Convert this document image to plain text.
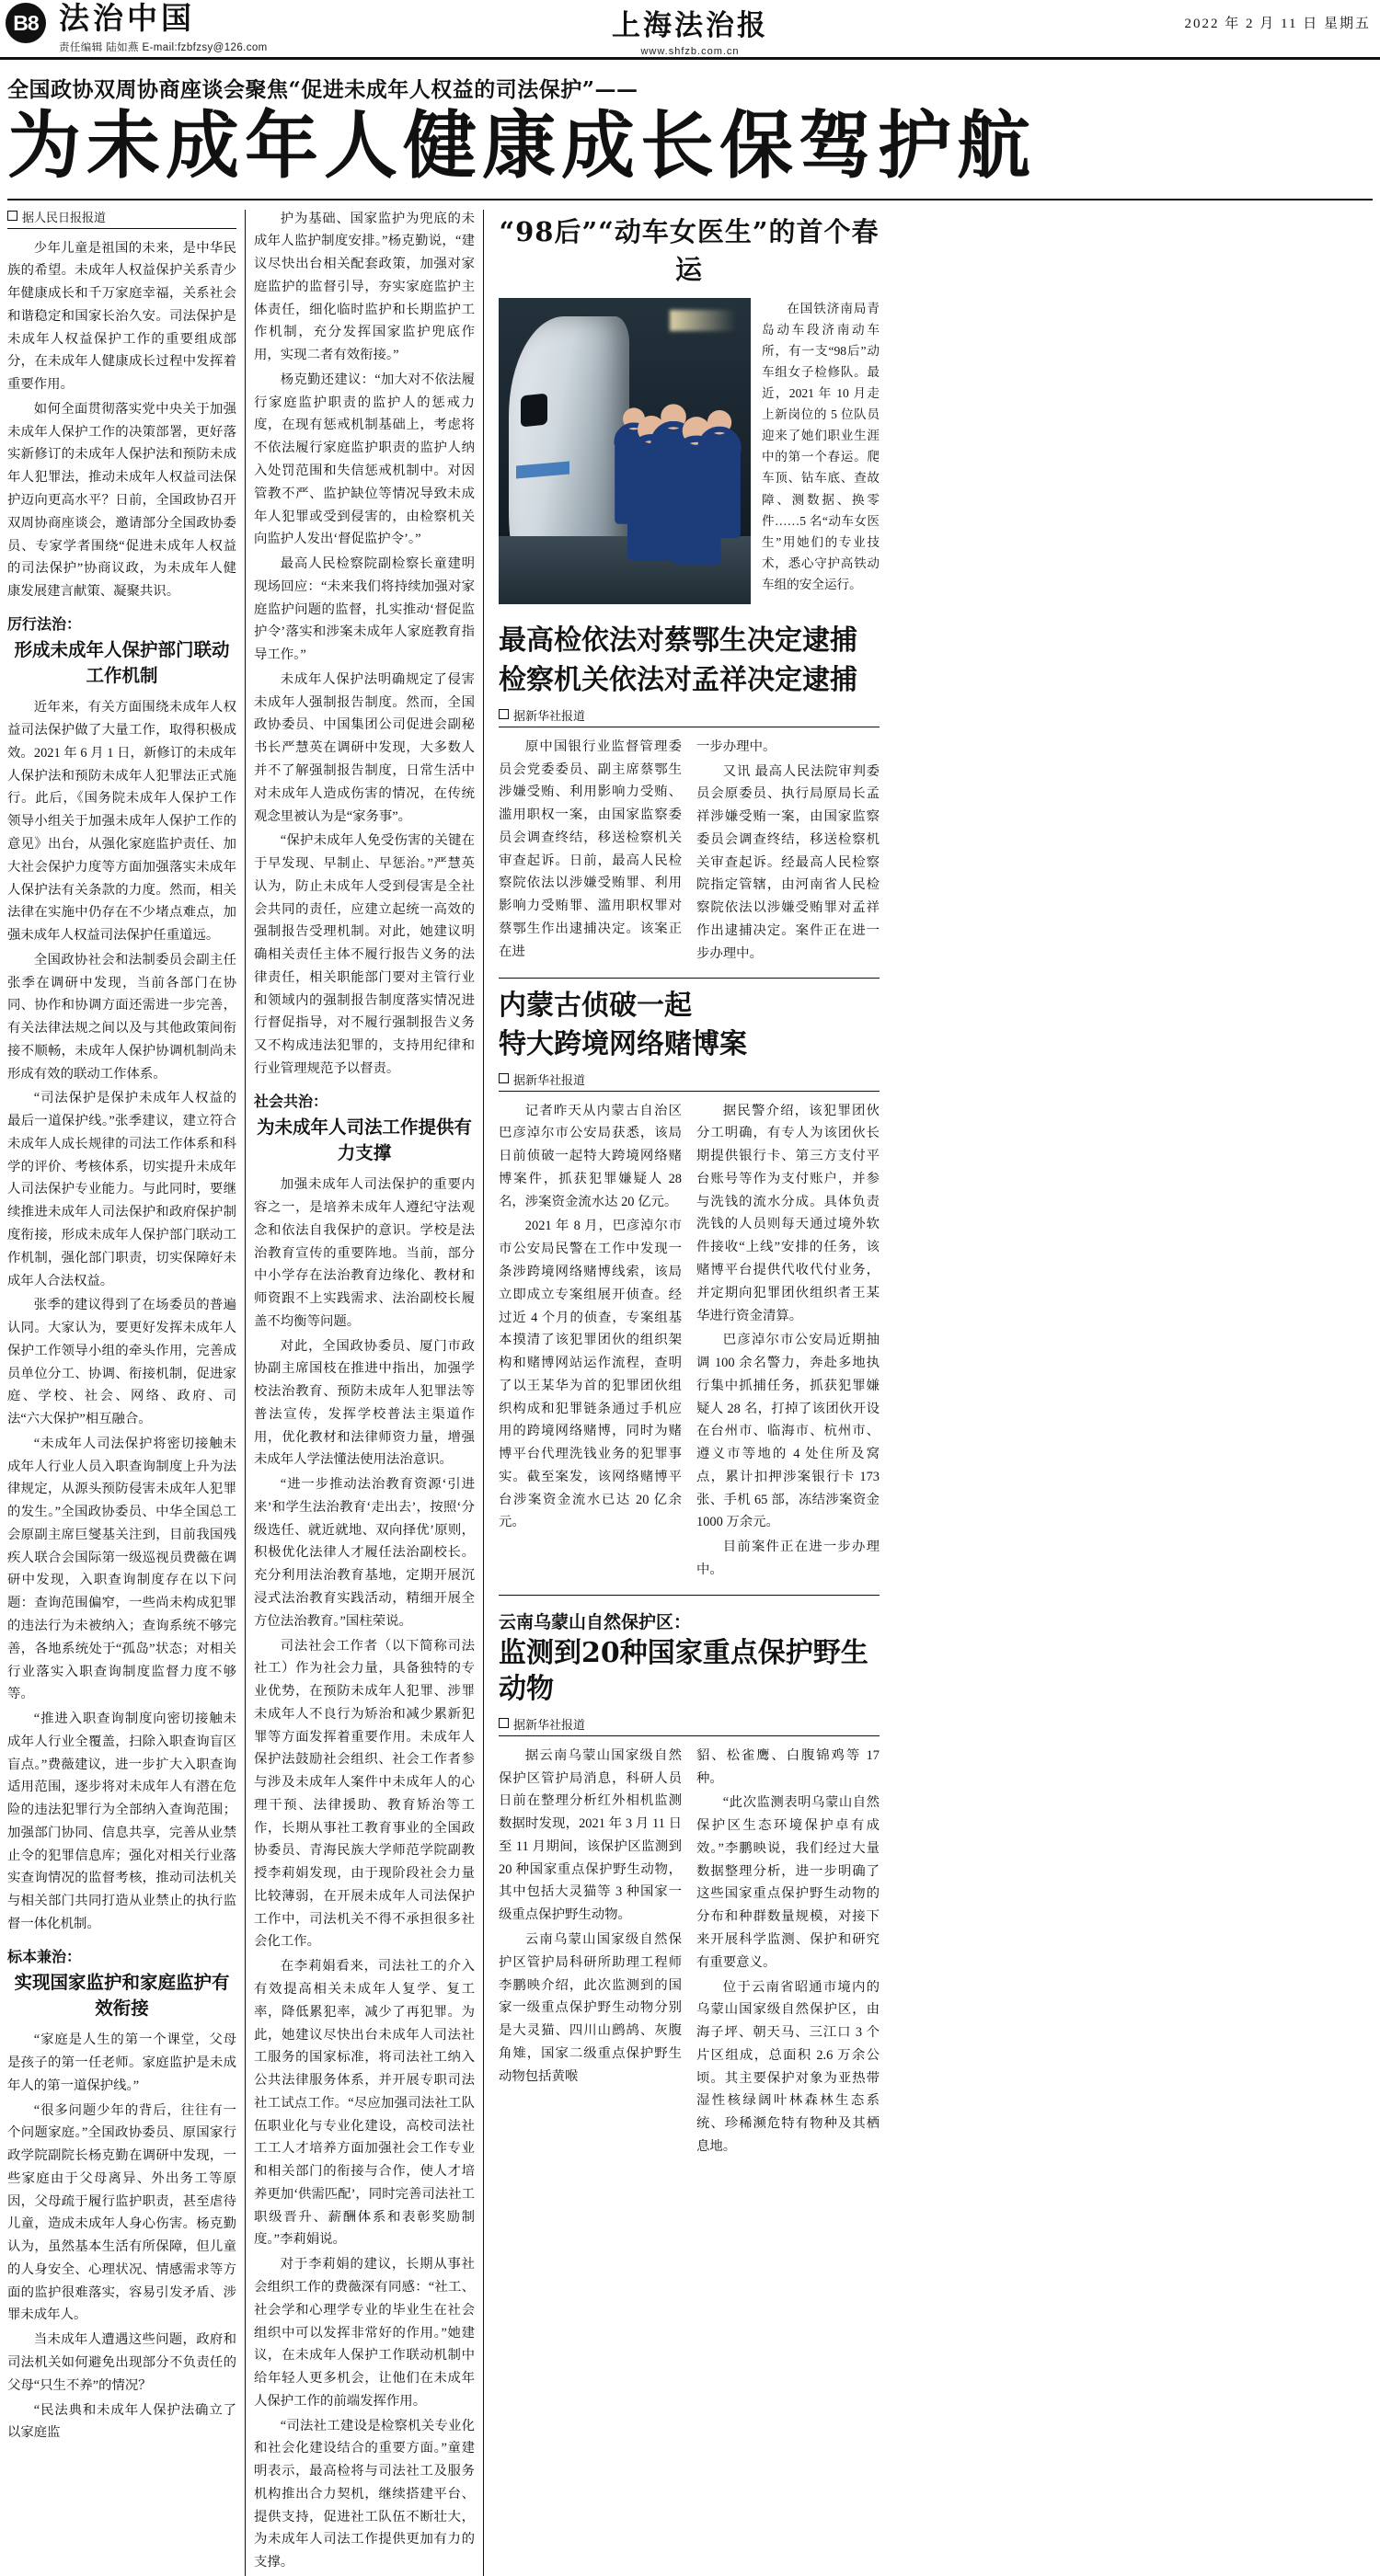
B8 法治中国
责任编辑 陆如燕 E-mail:fzbfzsy@126.com
上海法治报
www.shfzb.com.cn
2022 年 2 月 11 日 星期五
全国政协双周协商座谈会聚焦“促进未成年人权益的司法保护”——
为未成年人健康成长保驾护航
据人民日报报道

少年儿童是祖国的未来，是中华民族的希望。未成年人权益保护关系青少年健康成长和千万家庭幸福，关系社会和谐稳定和国家长治久安。司法保护是未成年人权益保护工作的重要组成部分，在未成年人健康成长过程中发挥着重要作用。

如何全面贯彻落实党中央关于加强未成年人保护工作的决策部署，更好落实新修订的未成年人保护法和预防未成年人犯罪法，推动未成年人权益司法保护迈向更高水平？日前，全国政协召开双周协商座谈会，邀请部分全国政协委员、专家学者围绕“促进未成年人权益的司法保护”协商议政，为未成年人健康发展建言献策、凝聚共识。

厉行法治：
形成未成年人保护部门联动工作机制

近年来，有关方面围绕未成年人权益司法保护做了大量工作，取得积极成效。2021 年 6 月 1 日，新修订的未成年人保护法和预防未成年人犯罪法正式施行。此后，《国务院未成年人保护工作领导小组关于加强未成年人保护工作的意见》出台，从强化家庭监护责任、加大社会保护力度等方面加强落实未成年人保护法有关条款的力度。然而，相关法律在实施中仍存在不少堵点难点，加强未成年人权益司法保护任重道远。

全国政协社会和法制委员会副主任张季在调研中发现，当前各部门在协同、协作和协调方面还需进一步完善，有关法律法规之间以及与其他政策间衔接不顺畅，未成年人保护协调机制尚未形成有效的联动工作体系。

“司法保护是保护未成年人权益的最后一道保护线。”张季建议，建立符合未成年人成长规律的司法工作体系和科学的评价、考核体系，切实提升未成年人司法保护专业能力。与此同时，要继续推进未成年人司法保护和政府保护制度衔接，形成未成年人保护部门联动工作机制，强化部门职责，切实保障好未成年人合法权益。

张季的建议得到了在场委员的普遍认同。大家认为，要更好发挥未成年人保护工作领导小组的牵头作用，完善成员单位分工、协调、衔接机制，促进家庭、学校、社会、网络、政府、司法“六大保护”相互融合。

“未成年人司法保护将密切接触未成年人行业人员入职查询制度上升为法律规定，从源头预防侵害未成年人犯罪的发生。”全国政协委员、中华全国总工会原副主席巨燮基关注到，目前我国残疾人联合会国际第一级巡视员费薇在调研中发现，入职查询制度存在以下问题：查询范围偏窄，一些尚未构成犯罪的违法行为未被纳入；查询系统不够完善，各地系统处于“孤岛”状态；对相关行业落实入职查询制度监督力度不够等。

“推进入职查询制度向密切接触未成年人行业全覆盖，扫除入职查询盲区盲点。”费薇建议，进一步扩大入职查询适用范围，逐步将对未成年人有潜在危险的违法犯罪行为全部纳入查询范围；加强部门协同、信息共享，完善从业禁止令的犯罪信息库；强化对相关行业落实查询情况的监督考核，推动司法机关与相关部门共同打造从业禁止的执行监督一体化机制。

标本兼治：
实现国家监护和家庭监护有效衔接

“家庭是人生的第一个课堂，父母是孩子的第一任老师。家庭监护是未成年人的第一道保护线。”

“很多问题少年的背后，往往有一个问题家庭。”全国政协委员、原国家行政学院副院长杨克勤在调研中发现，一些家庭由于父母离异、外出务工等原因，父母疏于履行监护职责，甚至虐待儿童，造成未成年人身心伤害。杨克勤认为，虽然基本生活有所保障，但儿童的人身安全、心理状况、情感需求等方面的监护很难落实，容易引发矛盾、涉罪未成年人。

当未成年人遭遇这些问题，政府和司法机关如何避免出现部分不负责任的父母“只生不养”的情况？

“民法典和未成年人保护法确立了以家庭监

护为基础、国家监护为兜底的未成年人监护制度安排。”杨克勤说，“建议尽快出台相关配套政策，加强对家庭监护的监督引导，夯实家庭监护主体责任，细化临时监护和长期监护工作机制，充分发挥国家监护兜底作用，实现二者有效衔接。”

杨克勤还建议：“加大对不依法履行家庭监护职责的监护人的惩戒力度，在现有惩戒机制基础上，考虑将不依法履行家庭监护职责的监护人纳入处罚范围和失信惩戒机制中。对因管教不严、监护缺位等情况导致未成年人犯罪或受到侵害的，由检察机关向监护人发出‘督促监护令’。”

最高人民检察院副检察长童建明现场回应：“未来我们将持续加强对家庭监护问题的监督，扎实推动‘督促监护令’落实和涉案未成年人家庭教育指导工作。”

未成年人保护法明确规定了侵害未成年人强制报告制度。然而，全国政协委员、中国集团公司促进会副秘书长严慧英在调研中发现，大多数人并不了解强制报告制度，日常生活中对未成年人造成伤害的情况，在传统观念里被认为是“家务事”。

“保护未成年人免受伤害的关键在于早发现、早制止、早惩治。”严慧英认为，防止未成年人受到侵害是全社会共同的责任，应建立起统一高效的强制报告受理机制。对此，她建议明确相关责任主体不履行报告义务的法律责任，相关职能部门要对主管行业和领域内的强制报告制度落实情况进行督促指导，对不履行强制报告义务又不构成违法犯罪的，支持用纪律和行业管理规范予以督责。

社会共治：
为未成年人司法工作提供有力支撑

加强未成年人司法保护的重要内容之一，是培养未成年人遵纪守法观念和依法自我保护的意识。学校是法治教育宣传的重要阵地。当前，部分中小学存在法治教育边缘化、教材和师资跟不上实践需求、法治副校长履盖不均衡等问题。

对此，全国政协委员、厦门市政协副主席国枝在推进中指出，加强学校法治教育、预防未成年人犯罪法等普法宣传，发挥学校普法主渠道作用，优化教材和法律师资力量，增强未成年人学法懂法使用法治意识。

“进一步推动法治教育资源‘引进来’和学生法治教育‘走出去’，按照‘分级选任、就近就地、双向择优’原则，积极优化法律人才履任法治副校长。充分利用法治教育基地，定期开展沉浸式法治教育实践活动，精细开展全方位法治教育。”国柱荣说。

司法社会工作者（以下简称司法社工）作为社会力量，具备独特的专业优势，在预防未成年人犯罪、涉罪未成年人不良行为矫治和减少累新犯罪等方面发挥着重要作用。未成年人保护法鼓励社会组织、社会工作者参与涉及未成年人案件中未成年人的心理干预、法律援助、教育矫治等工作，长期从事社工教育事业的全国政协委员、青海民族大学师范学院副教授李莉娟发现，由于现阶段社会力量比较薄弱，在开展未成年人司法保护工作中，司法机关不得不承担很多社会化工作。

在李莉娟看来，司法社工的介入有效提高相关未成年人复学、复工率，降低累犯率，减少了再犯罪。为此，她建议尽快出台未成年人司法社工服务的国家标准，将司法社工纳入公共法律服务体系，并开展专职司法社工试点工作。“尽应加强司法社工队伍职业化与专业化建设，高校司法社工工人才培养方面加强社会工作专业和相关部门的衔接与合作，使人才培养更加‘供需匹配’，同时完善司法社工职级晋升、薪酬体系和表彰奖励制度。”李莉娟说。

对于李莉娟的建议，长期从事社会组织工作的费薇深有同感：“社工、社会学和心理学专业的毕业生在社会组织中可以发挥非常好的作用。”她建议，在未成年人保护工作联动机制中给年轻人更多机会，让他们在未成年人保护工作的前端发挥作用。

“司法社工建设是检察机关专业化和社会化建设结合的重要方面。”童建明表示，最高检将与司法社工及服务机构推出合力契机，继续搭建平台、提供支持，促进社工队伍不断壮大，为未成年人司法工作提供更加有力的支撑。

“98后”“动车女医生”的首个春运

在国铁济南局青岛动车段济南动车所，有一支“98后”动车组女子检修队。最近，2021 年 10 月走上新岗位的 5 位队员迎来了她们职业生涯中的第一个春运。爬车顶、钻车底、查故障、测数据、换零件……5 名“动车女医生”用她们的专业技术，悉心守护高铁动车组的安全运行。

最高检依法对蔡鄂生决定逮捕
检察机关依法对孟祥决定逮捕
据新华社报道

原中国银行业监督管理委员会党委委员、副主席蔡鄂生涉嫌受贿、利用影响力受贿、滥用职权一案，由国家监察委员会调查终结，移送检察机关审查起诉。日前，最高人民检察院依法以涉嫌受贿罪、利用影响力受贿罪、滥用职权罪对蔡鄂生作出逮捕决定。该案正在进

一步办理中。

又讯 最高人民法院审判委员会原委员、执行局原局长孟祥涉嫌受贿一案，由国家监察委员会调查终结，移送检察机关审查起诉。经最高人民检察院指定管辖，由河南省人民检察院依法以涉嫌受贿罪对孟祥作出逮捕决定。案件正在进一步办理中。

内蒙古侦破一起
特大跨境网络赌博案
据新华社报道

记者昨天从内蒙古自治区巴彦淖尔市公安局获悉，该局日前侦破一起特大跨境网络赌博案件，抓获犯罪嫌疑人 28 名，涉案资金流水达 20 亿元。

2021 年 8 月，巴彦淖尔市市公安局民警在工作中发现一条涉跨境网络赌博线索，该局立即成立专案组展开侦查。经过近 4 个月的侦查，专案组基本摸清了该犯罪团伙的组织架构和赌博网站运作流程，查明了以王某华为首的犯罪团伙组织构成和犯罪链条通过手机应用的跨境网络赌博，同时为赌博平台代理洗钱业务的犯罪事实。截至案发，该网络赌博平台涉案资金流水已达 20 亿余元。

据民警介绍，该犯罪团伙分工明确，有专人为该团伙长期提供银行卡、第三方支付平台账号等作为支付账户，并参与洗钱的流水分成。具体负责洗钱的人员则每天通过境外软件接收“上线”安排的任务，该赌博平台提供代收代付业务，并定期向犯罪团伙组织者王某华进行资金清算。

巴彦淖尔市公安局近期抽调 100 余名警力，奔赴多地执行集中抓捕任务，抓获犯罪嫌疑人 28 名，打掉了该团伙开设在台州市、临海市、杭州市、遵义市等地的 4 处住所及窝点，累计扣押涉案银行卡 173 张、手机 65 部，冻结涉案资金 1000 万余元。

目前案件正在进一步办理中。

云南乌蒙山自然保护区：
监测到20种国家重点保护野生动物
据新华社报道

据云南乌蒙山国家级自然保护区管护局消息，科研人员日前在整理分析红外相机监测数据时发现，2021 年 3 月 11 日至 11 月期间，该保护区监测到 20 种国家重点保护野生动物，其中包括大灵猫等 3 种国家一级重点保护野生动物。

云南乌蒙山国家级自然保护区管护局科研所助理工程师李鹏映介绍，此次监测到的国家一级重点保护野生动物分别是大灵猫、四川山鹧鸪、灰腹角雉，国家二级重点保护野生动物包括黄喉

貂、松雀鹰、白腹锦鸡等 17 种。

“此次监测表明乌蒙山自然保护区生态环境保护卓有成效。”李鹏映说，我们经过大量数据整理分析，进一步明确了这些国家重点保护野生动物的分布和种群数量规模，对接下来开展科学监测、保护和研究有重要意义。

位于云南省昭通市境内的乌蒙山国家级自然保护区，由海子坪、朝天马、三江口 3 个片区组成，总面积 2.6 万余公顷。其主要保护对象为亚热带湿性核绿阔叶林森林生态系统、珍稀濒危特有物种及其栖息地。
